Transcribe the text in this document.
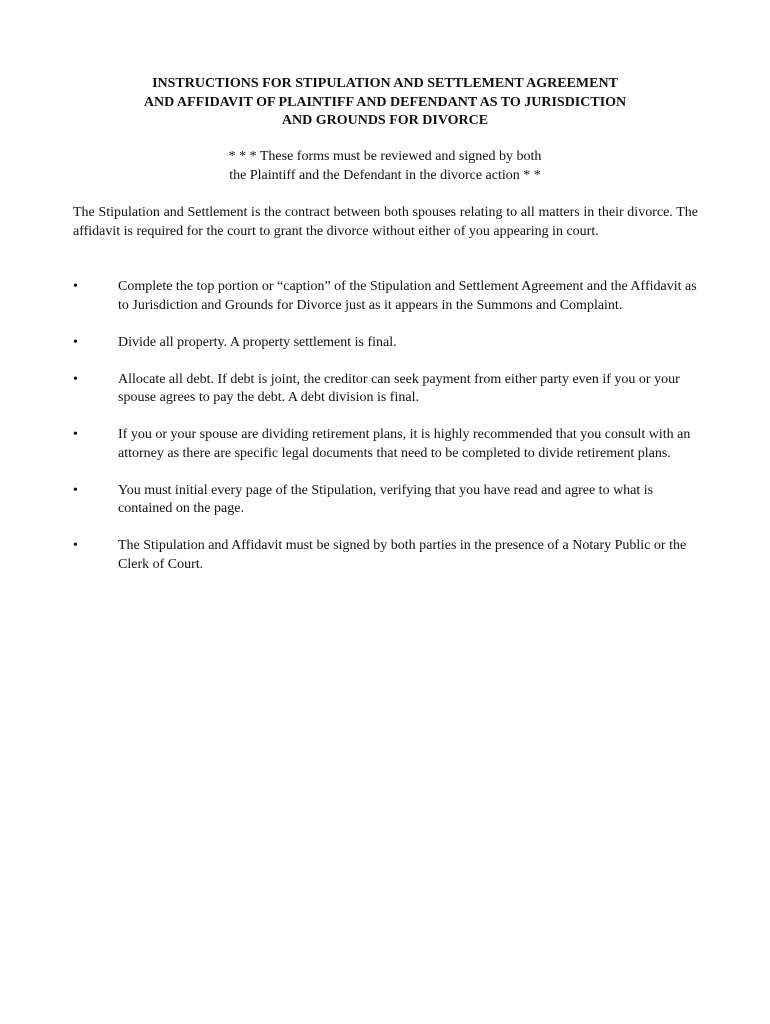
INSTRUCTIONS FOR STIPULATION AND SETTLEMENT AGREEMENT
AND AFFIDAVIT OF PLAINTIFF AND DEFENDANT AS TO JURISDICTION
AND GROUNDS FOR DIVORCE
* * * These forms must be reviewed and signed by both
the Plaintiff and the Defendant in the divorce action * *

The Stipulation and Settlement is the contract between both spouses relating to all matters in their divorce. The affidavit is required for the court to grant the divorce without either of you appearing in court.

•	Complete the top portion or “caption” of the Stipulation and Settlement Agreement and the Affidavit as to Jurisdiction and Grounds for Divorce just as it appears in the Summons and Complaint.
•	Divide all property. A property settlement is final.
•	Allocate all debt. If debt is joint, the creditor can seek payment from either party even if you or your spouse agrees to pay the debt. A debt division is final.
•	If you or your spouse are dividing retirement plans, it is highly recommended that you consult with an attorney as there are specific legal documents that need to be completed to divide retirement plans.
•	You must initial every page of the Stipulation, verifying that you have read and agree to what is contained on the page.
•	The Stipulation and Affidavit must be signed by both parties in the presence of a Notary Public or the Clerk of Court.
